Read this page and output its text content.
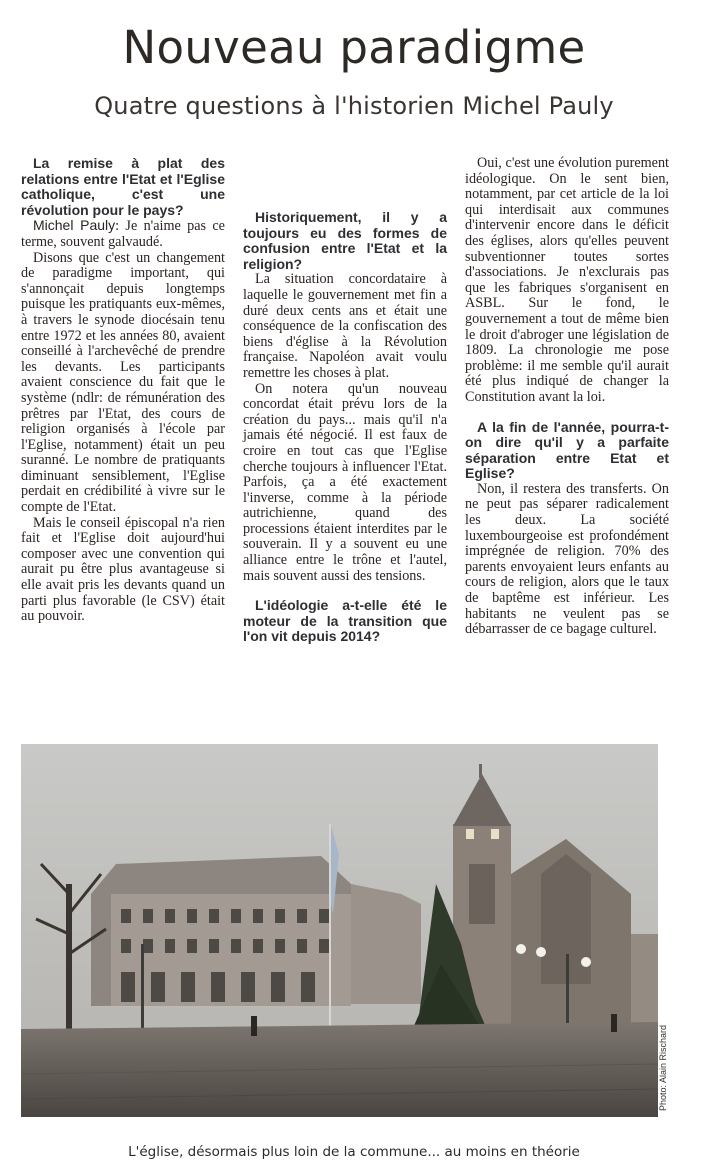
Nouveau paradigme
Quatre questions à l'historien Michel Pauly

La remise à plat des relations entre l'Etat et l'Eglise catholique, c'est une révolution pour le pays?

Michel Pauly: Je n'aime pas ce terme, souvent galvaudé.

Disons que c'est un changement de paradigme important, qui s'annonçait depuis longtemps puisque les pratiquants eux-mêmes, à travers le synode diocésain tenu entre 1972 et les années 80, avaient conseillé à l'archevêché de prendre les devants. Les participants avaient conscience du fait que le système (ndlr: de rémunération des prêtres par l'Etat, des cours de religion organisés à l'école par l'Eglise, notamment) était un peu suranné. Le nombre de pratiquants diminuant sensiblement, l'Eglise perdait en crédibilité à vivre sur le compte de l'Etat.

Mais le conseil épiscopal n'a rien fait et l'Eglise doit aujourd'hui composer avec une convention qui aurait pu être plus avantageuse si elle avait pris les devants quand un parti plus favorable (le CSV) était au pouvoir.

Historiquement, il y a toujours eu des formes de confusion entre l'Etat et la religion?

La situation concordataire à laquelle le gouvernement met fin a duré deux cents ans et était une conséquence de la confiscation des biens d'église à la Révolution française. Napoléon avait voulu remettre les choses à plat.

On notera qu'un nouveau concordat était prévu lors de la création du pays... mais qu'il n'a jamais été négocié. Il est faux de croire en tout cas que l'Eglise cherche toujours à influencer l'Etat. Parfois, ça a été exactement l'inverse, comme à la période autrichienne, quand des processions étaient interdites par le souverain. Il y a souvent eu une alliance entre le trône et l'autel, mais souvent aussi des tensions.

L'idéologie a-t-elle été le moteur de la transition que l'on vit depuis 2014?

Oui, c'est une évolution purement idéologique. On le sent bien, notamment, par cet article de la loi qui interdisait aux communes d'intervenir encore dans le déficit des églises, alors qu'elles peuvent subventionner toutes sortes d'associations. Je n'exclurais pas que les fabriques s'organisent en ASBL. Sur le fond, le gouvernement a tout de même bien le droit d'abroger une législation de 1809. La chronologie me pose problème: il me semble qu'il aurait été plus indiqué de changer la Constitution avant la loi.

A la fin de l'année, pourra-t-on dire qu'il y a parfaite séparation entre Etat et Eglise?

Non, il restera des transferts. On ne peut pas séparer radicalement les deux. La société luxembourgeoise est profondément imprégnée de religion. 70% des parents envoyaient leurs enfants au cours de religion, alors que le taux de baptême est inférieur. Les habitants ne veulent pas se débarrasser de ce bagage culturel.

Photo: Alain Rischard
L'église, désormais plus loin de la commune... au moins en théorie
